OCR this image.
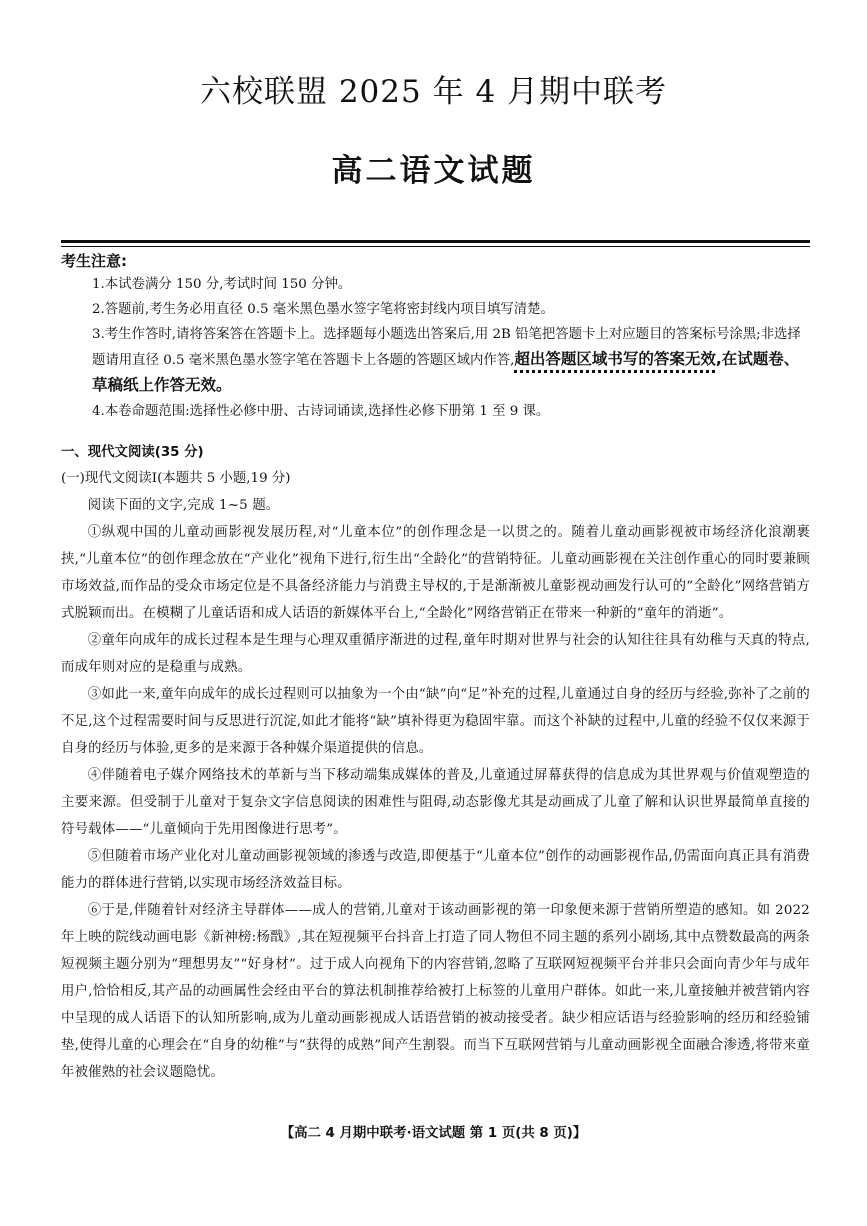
六校联盟 2025 年 4 月期中联考
高二语文试题
考生注意:
1.本试卷满分 150 分,考试时间 150 分钟。
2.答题前,考生务必用直径 0.5 毫米黑色墨水签字笔将密封线内项目填写清楚。
3.考生作答时,请将答案答在答题卡上。选择题每小题选出答案后,用 2B 铅笔把答题卡上对应题目的答案标号涂黑;非选择题请用直径 0.5 毫米黑色墨水签字笔在答题卡上各题的答题区域内作答,超出答题区域书写的答案无效,在试题卷、草稿纸上作答无效。
4.本卷命题范围:选择性必修中册、古诗词诵读,选择性必修下册第 1 至 9 课。
一、现代文阅读(35 分)
(一)现代文阅读Ⅰ(本题共 5 小题,19 分)
阅读下面的文字,完成 1~5 题。
①纵观中国的儿童动画影视发展历程,对“儿童本位”的创作理念是一以贯之的。随着儿童动画影视被市场经济化浪潮裹挟,“儿童本位”的创作理念放在“产业化”视角下进行,衍生出“全龄化”的营销特征。儿童动画影视在关注创作重心的同时要兼顾市场效益,而作品的受众市场定位是不具备经济能力与消费主导权的,于是渐渐被儿童影视动画发行认可的“全龄化”网络营销方式脱颖而出。在模糊了儿童话语和成人话语的新媒体平台上,“全龄化”网络营销正在带来一种新的“童年的消逝”。
②童年向成年的成长过程本是生理与心理双重循序渐进的过程,童年时期对世界与社会的认知往往具有幼稚与天真的特点,而成年则对应的是稳重与成熟。
③如此一来,童年向成年的成长过程则可以抽象为一个由“缺”向“足”补充的过程,儿童通过自身的经历与经验,弥补了之前的不足,这个过程需要时间与反思进行沉淀,如此才能将“缺”填补得更为稳固牢靠。而这个补缺的过程中,儿童的经验不仅仅来源于自身的经历与体验,更多的是来源于各种媒介渠道提供的信息。
④伴随着电子媒介网络技术的革新与当下移动端集成媒体的普及,儿童通过屏幕获得的信息成为其世界观与价值观塑造的主要来源。但受制于儿童对于复杂文字信息阅读的困难性与阻碍,动态影像尤其是动画成了儿童了解和认识世界最简单直接的符号载体——“儿童倾向于先用图像进行思考”。
⑤但随着市场产业化对儿童动画影视领域的渗透与改造,即便基于“儿童本位”创作的动画影视作品,仍需面向真正具有消费能力的群体进行营销,以实现市场经济效益目标。
⑥于是,伴随着针对经济主导群体——成人的营销,儿童对于该动画影视的第一印象便来源于营销所塑造的感知。如 2022 年上映的院线动画电影《新神榜:杨戬》,其在短视频平台抖音上打造了同人物但不同主题的系列小剧场,其中点赞数最高的两条短视频主题分别为“理想男友”“好身材”。过于成人向视角下的内容营销,忽略了互联网短视频平台并非只会面向青少年与成年用户,恰恰相反,其产品的动画属性会经由平台的算法机制推荐给被打上标签的儿童用户群体。如此一来,儿童接触并被营销内容中呈现的成人话语下的认知所影响,成为儿童动画影视成人话语营销的被动接受者。缺少相应话语与经验影响的经历和经验铺垫,使得儿童的心理会在“自身的幼稚”与“获得的成熟”间产生割裂。而当下互联网营销与儿童动画影视全面融合渗透,将带来童年被催熟的社会议题隐忧。
【高二 4 月期中联考·语文试题 第 1 页(共 8 页)】
